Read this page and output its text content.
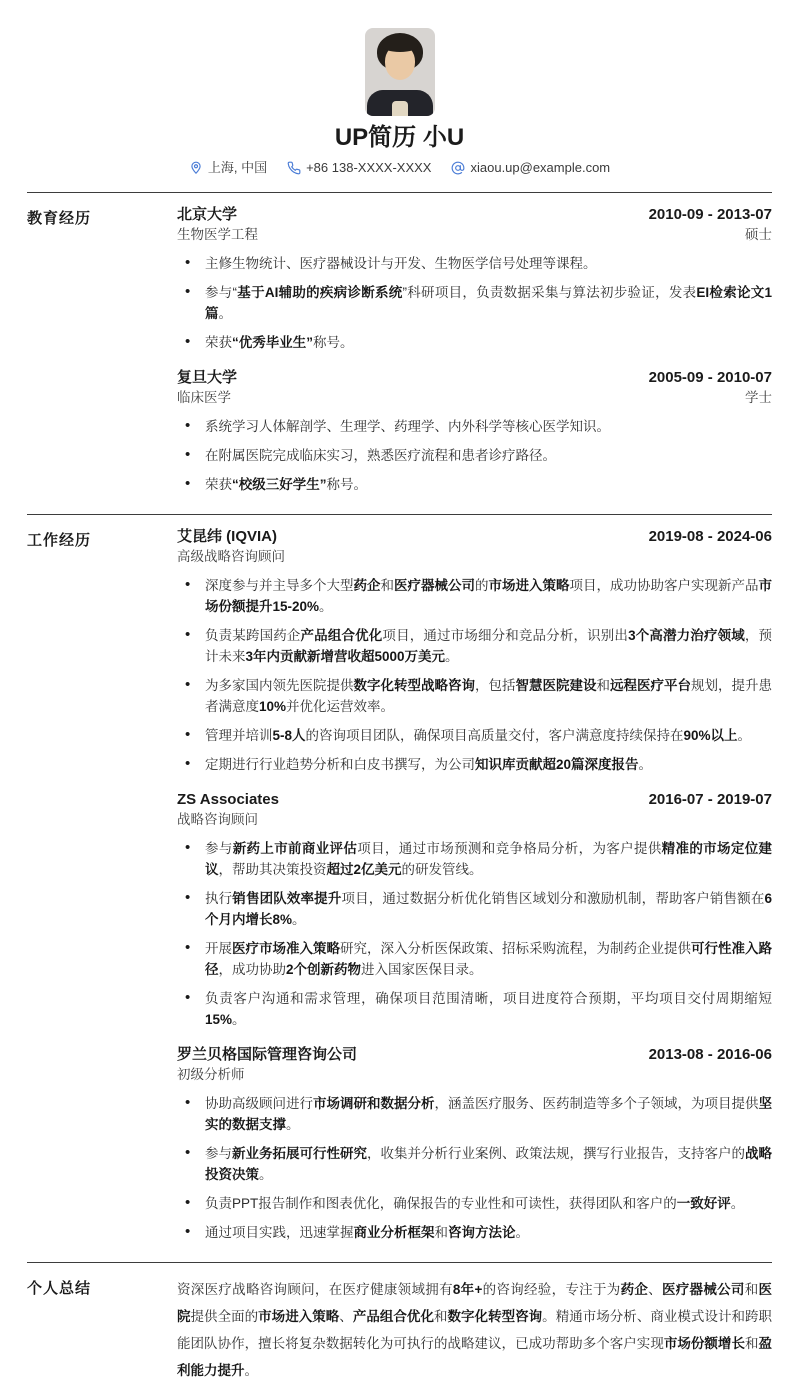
UP简历 小U
上海, 中国	+86 138-XXXX-XXXX	xiaou.up@example.com
教育经历	北京大学	2010-09 - 2013-07
生物医学工程	硕士
• 主修生物统计、医疗器械设计与开发、生物医学信号处理等课程。
• 参与“基于AI辅助的疾病诊断系统”科研项目，负责数据采集与算法初步验证，发表EI检索论文1篇。
• 荣获“优秀毕业生”称号。
复旦大学	2005-09 - 2010-07
临床医学	学士
• 系统学习人体解剖学、生理学、药理学、内外科学等核心医学知识。
• 在附属医院完成临床实习，熟悉医疗流程和患者诊疗路径。
• 荣获“校级三好学生”称号。
工作经历	艾昆纬 (IQVIA)	2019-08 - 2024-06
高级战略咨询顾问
• 深度参与并主导多个大型药企和医疗器械公司的市场进入策略项目，成功协助客户实现新产品市场份额提升15-20%。
• 负责某跨国药企产品组合优化项目，通过市场细分和竞品分析，识别出3个高潜力治疗领域，预计未来3年内贡献新增营收超5000万美元。
• 为多家国内领先医院提供数字化转型战略咨询，包括智慧医院建设和远程医疗平台规划，提升患者满意度10%并优化运营效率。
• 管理并培训5-8人的咨询项目团队，确保项目高质量交付，客户满意度持续保持在90%以上。
• 定期进行行业趋势分析和白皮书撰写，为公司知识库贡献超20篇深度报告。
ZS Associates	2016-07 - 2019-07
战略咨询顾问
• 参与新药上市前商业评估项目，通过市场预测和竞争格局分析，为客户提供精准的市场定位建议，帮助其决策投资超过2亿美元的研发管线。
• 执行销售团队效率提升项目，通过数据分析优化销售区域划分和激励机制，帮助客户销售额在6个月内增长8%。
• 开展医疗市场准入策略研究，深入分析医保政策、招标采购流程，为制药企业提供可行性准入路径，成功协助2个创新药物进入国家医保目录。
• 负责客户沟通和需求管理，确保项目范围清晰，项目进度符合预期，平均项目交付周期缩短15%。
罗兰贝格国际管理咨询公司	2013-08 - 2016-06
初级分析师
• 协助高级顾问进行市场调研和数据分析，涵盖医疗服务、医药制造等多个子领域，为项目提供坚实的数据支撑。
• 参与新业务拓展可行性研究，收集并分析行业案例、政策法规，撰写行业报告，支持客户的战略投资决策。
• 负责PPT报告制作和图表优化，确保报告的专业性和可读性，获得团队和客户的一致好评。
• 通过项目实践，迅速掌握商业分析框架和咨询方法论。
个人总结	资深医疗战略咨询顾问，在医疗健康领域拥有8年+的咨询经验，专注于为药企、医疗器械公司和医院提供全面的市场进入策略、产品组合优化和数字化转型咨询。精通市场分析、商业模式设计和跨职能团队协作，擅长将复杂数据转化为可执行的战略建议，已成功帮助多个客户实现市场份额增长和盈利能力提升。
